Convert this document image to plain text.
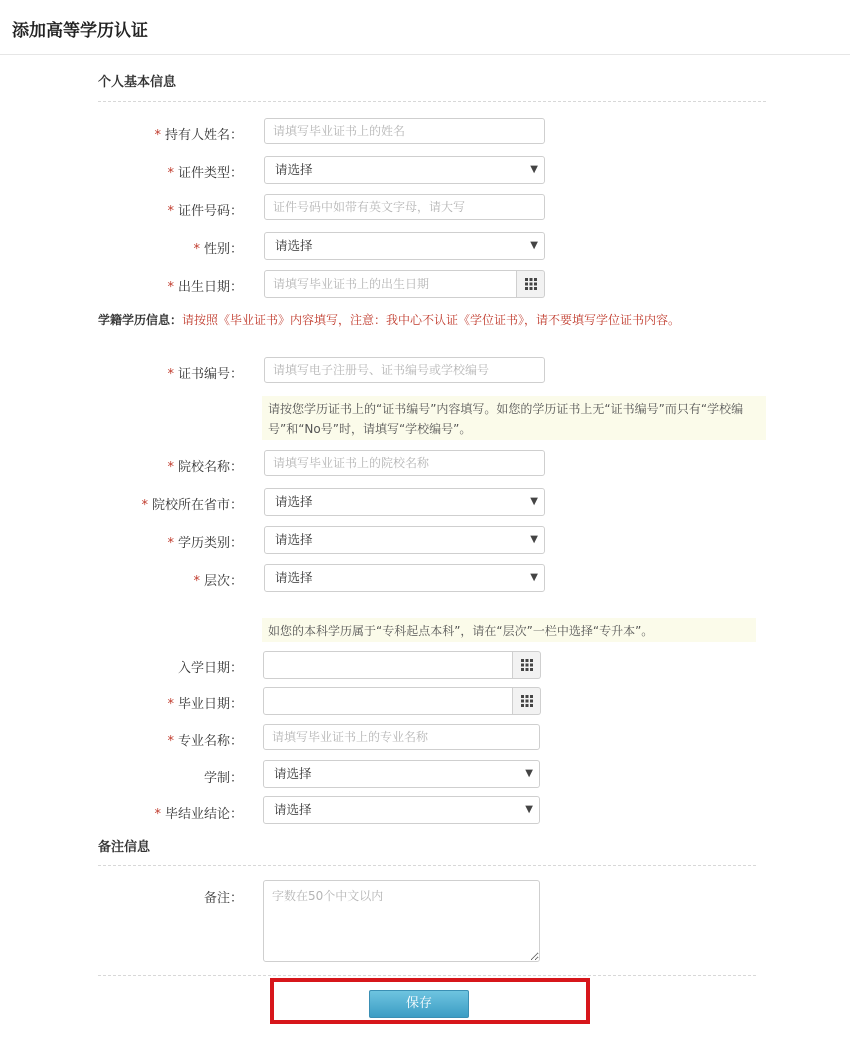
添加高等学历认证
个人基本信息
* 持有人姓名：
请填写毕业证书上的姓名
* 证件类型：	请选择	▼
* 证件号码：
证件号码中如带有英文字母，请大写
* 性别：	请选择	▼
* 出生日期：
请填写毕业证书上的出生日期
学籍学历信息：请按照《毕业证书》内容填写，注意：我中心不认证《学位证书》，请不要填写学位证书内容。
* 证书编号：
请填写电子注册号、证书编号或学校编号
请按您学历证书上的“证书编号”内容填写。如您的学历证书上无“证书编号”而只有“学校编号”和“No号”时，请填写“学校编号”。
* 院校名称：
请填写毕业证书上的院校名称
* 院校所在省市：	请选择	▼
* 学历类别：	请选择	▼
* 层次：	请选择	▼
如您的本科学历属于“专科起点本科”，请在“层次”一栏中选择“专升本”。
入学日期：
* 毕业日期：
* 专业名称：
请填写毕业证书上的专业名称
学制：	请选择	▼
* 毕结业结论：	请选择	▼
备注信息
备注：
字数在50个中文以内
保存
